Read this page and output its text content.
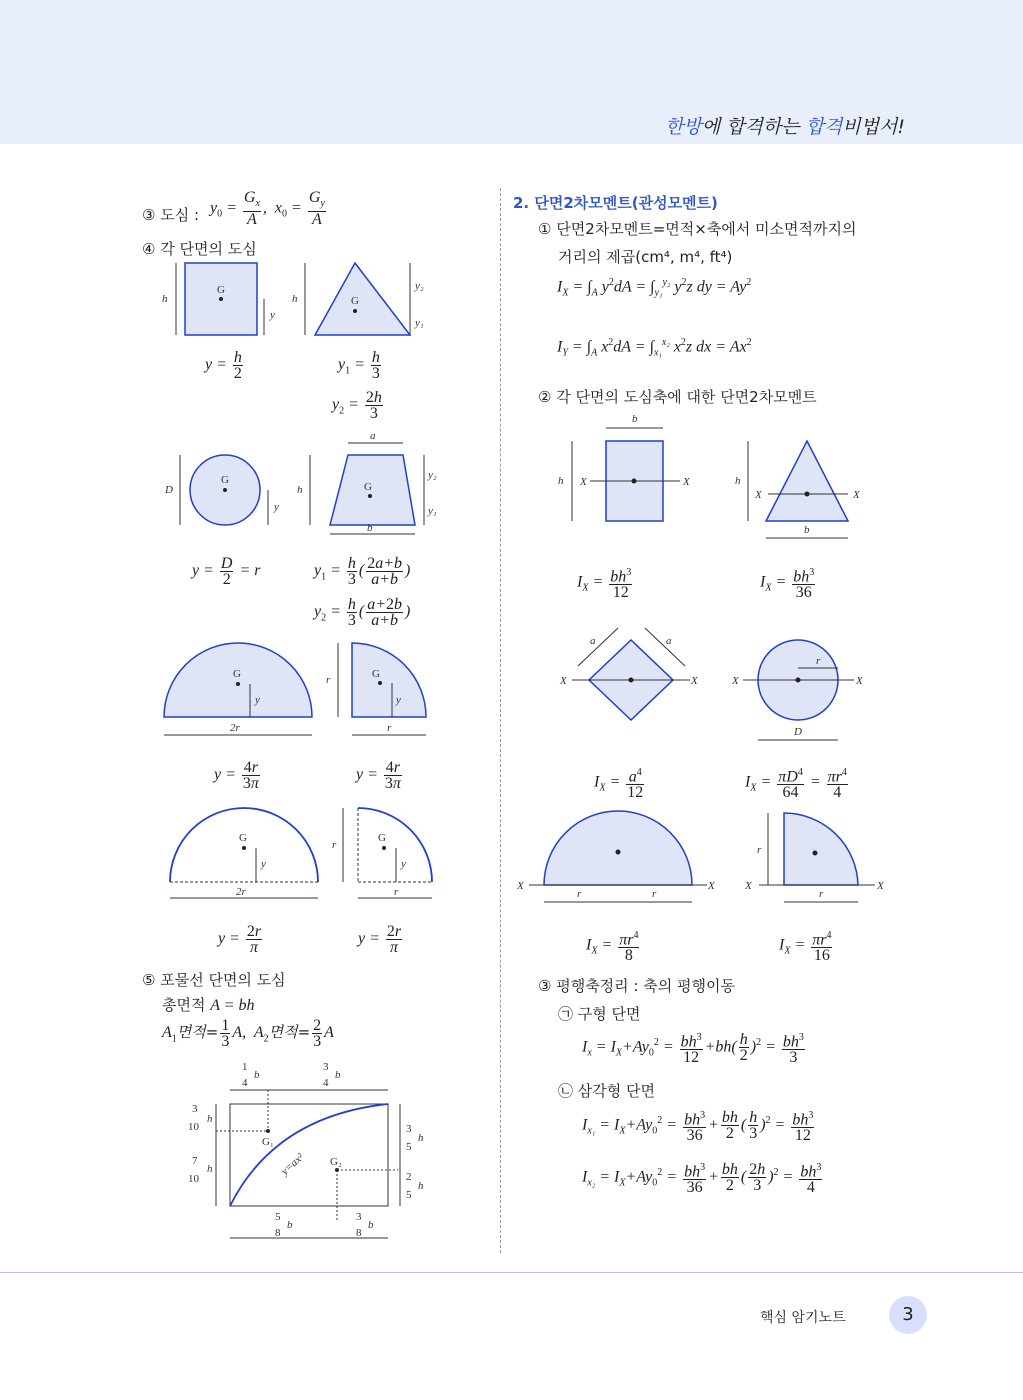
한방에 합격하는 합격비법서!
③ 도심 : $y_0 = \frac{G_x}{A}$ ,  $x_0 = \frac{G_y}{A}$
④ 각 단면의 도심
G
h
y
G
h
y₂
y₁
$y = \frac{h}{2}$	$y_1 = \frac{h}{3}$
$y_2 = \frac{2h}{3}$
G
D
y
G
a
b
h
y₂
y₁
$y = \frac{D}{2} = r$	$y_1 = \frac{h}{3}$ ( $\frac{2a+b}{a+b}$ )
$y_2 = \frac{h}{3}$ ( $\frac{a+2b}{a+b}$ )
G
y
2r
G
y
r
r
$y = \frac{4r}{3\pi}$	$y = \frac{4r}{3\pi}$
G
y
2r
G
y
r
r
$y = \frac{2r}{\pi}$	$y = \frac{2r}{\pi}$
⑤ 포물선 단면의 도심
총면적 A = bh
$A_1$면적= $\frac{1}{3} A$,  $A_2$면적= $\frac{2}{3}$ A
1
4
b
3
4
b
G₁
G₂
y=ax²
3
10
h
7
10
h
3
5
h
2
5
h
5
8
b
3
8
b
2. 단면2차모멘트(관성모멘트)
① 단면2차모멘트=면적×축에서 미소면적까지의
거리의 제곱(cm⁴, m⁴, ft⁴)
$I_X = \int_A$ $y^2dA = \int_{y_1}^{y_2}$ $y^2z$ dy = $Ay^2$
$I_Y = \int_A$ $x^2dA = \int_{x_1}^{x_2}$ $x^2z$ dx = $Ax^2$
② 각 단면의 도심축에 대한 단면2차모멘트
X	X
b
h
X	X
b
h
$I_X = \frac{bh^3}{12}$	$I_X = \frac{bh^3}{36}$
X	X
a	a
r
X	X
D
$I_X = \frac{a^4}{12}$	$I_X = \frac{\pi D^4}{64} = \frac{\pi r^4}{4}$
X	X
r	r
X	X
r
r
$I_X = \frac{\pi r^4}{8}$	$I_X = \frac{\pi r^4}{16}$
③ 평행축정리 : 축의 평행이동
㉠ 구형 단면
$I_x = I_X+Ay_0^2 = \frac{bh^3}{12} +bh( \frac{h}{2} )^2 = \frac{bh^3}{3}$
㉡ 삼각형 단면
$I_{x_1} = I_X+Ay_0^2 = \frac{bh^3}{36} + \frac{bh}{2}$ ( $\frac{h}{3} )^2 = \frac{bh^3}{12}$
$I_{x_2} = I_X+Ay_0^2 = \frac{bh^3}{36} + \frac{bh}{2}$ ( $\frac{2h}{3} )^2 = \frac{bh^3}{4}$
핵심 암기노트	3
